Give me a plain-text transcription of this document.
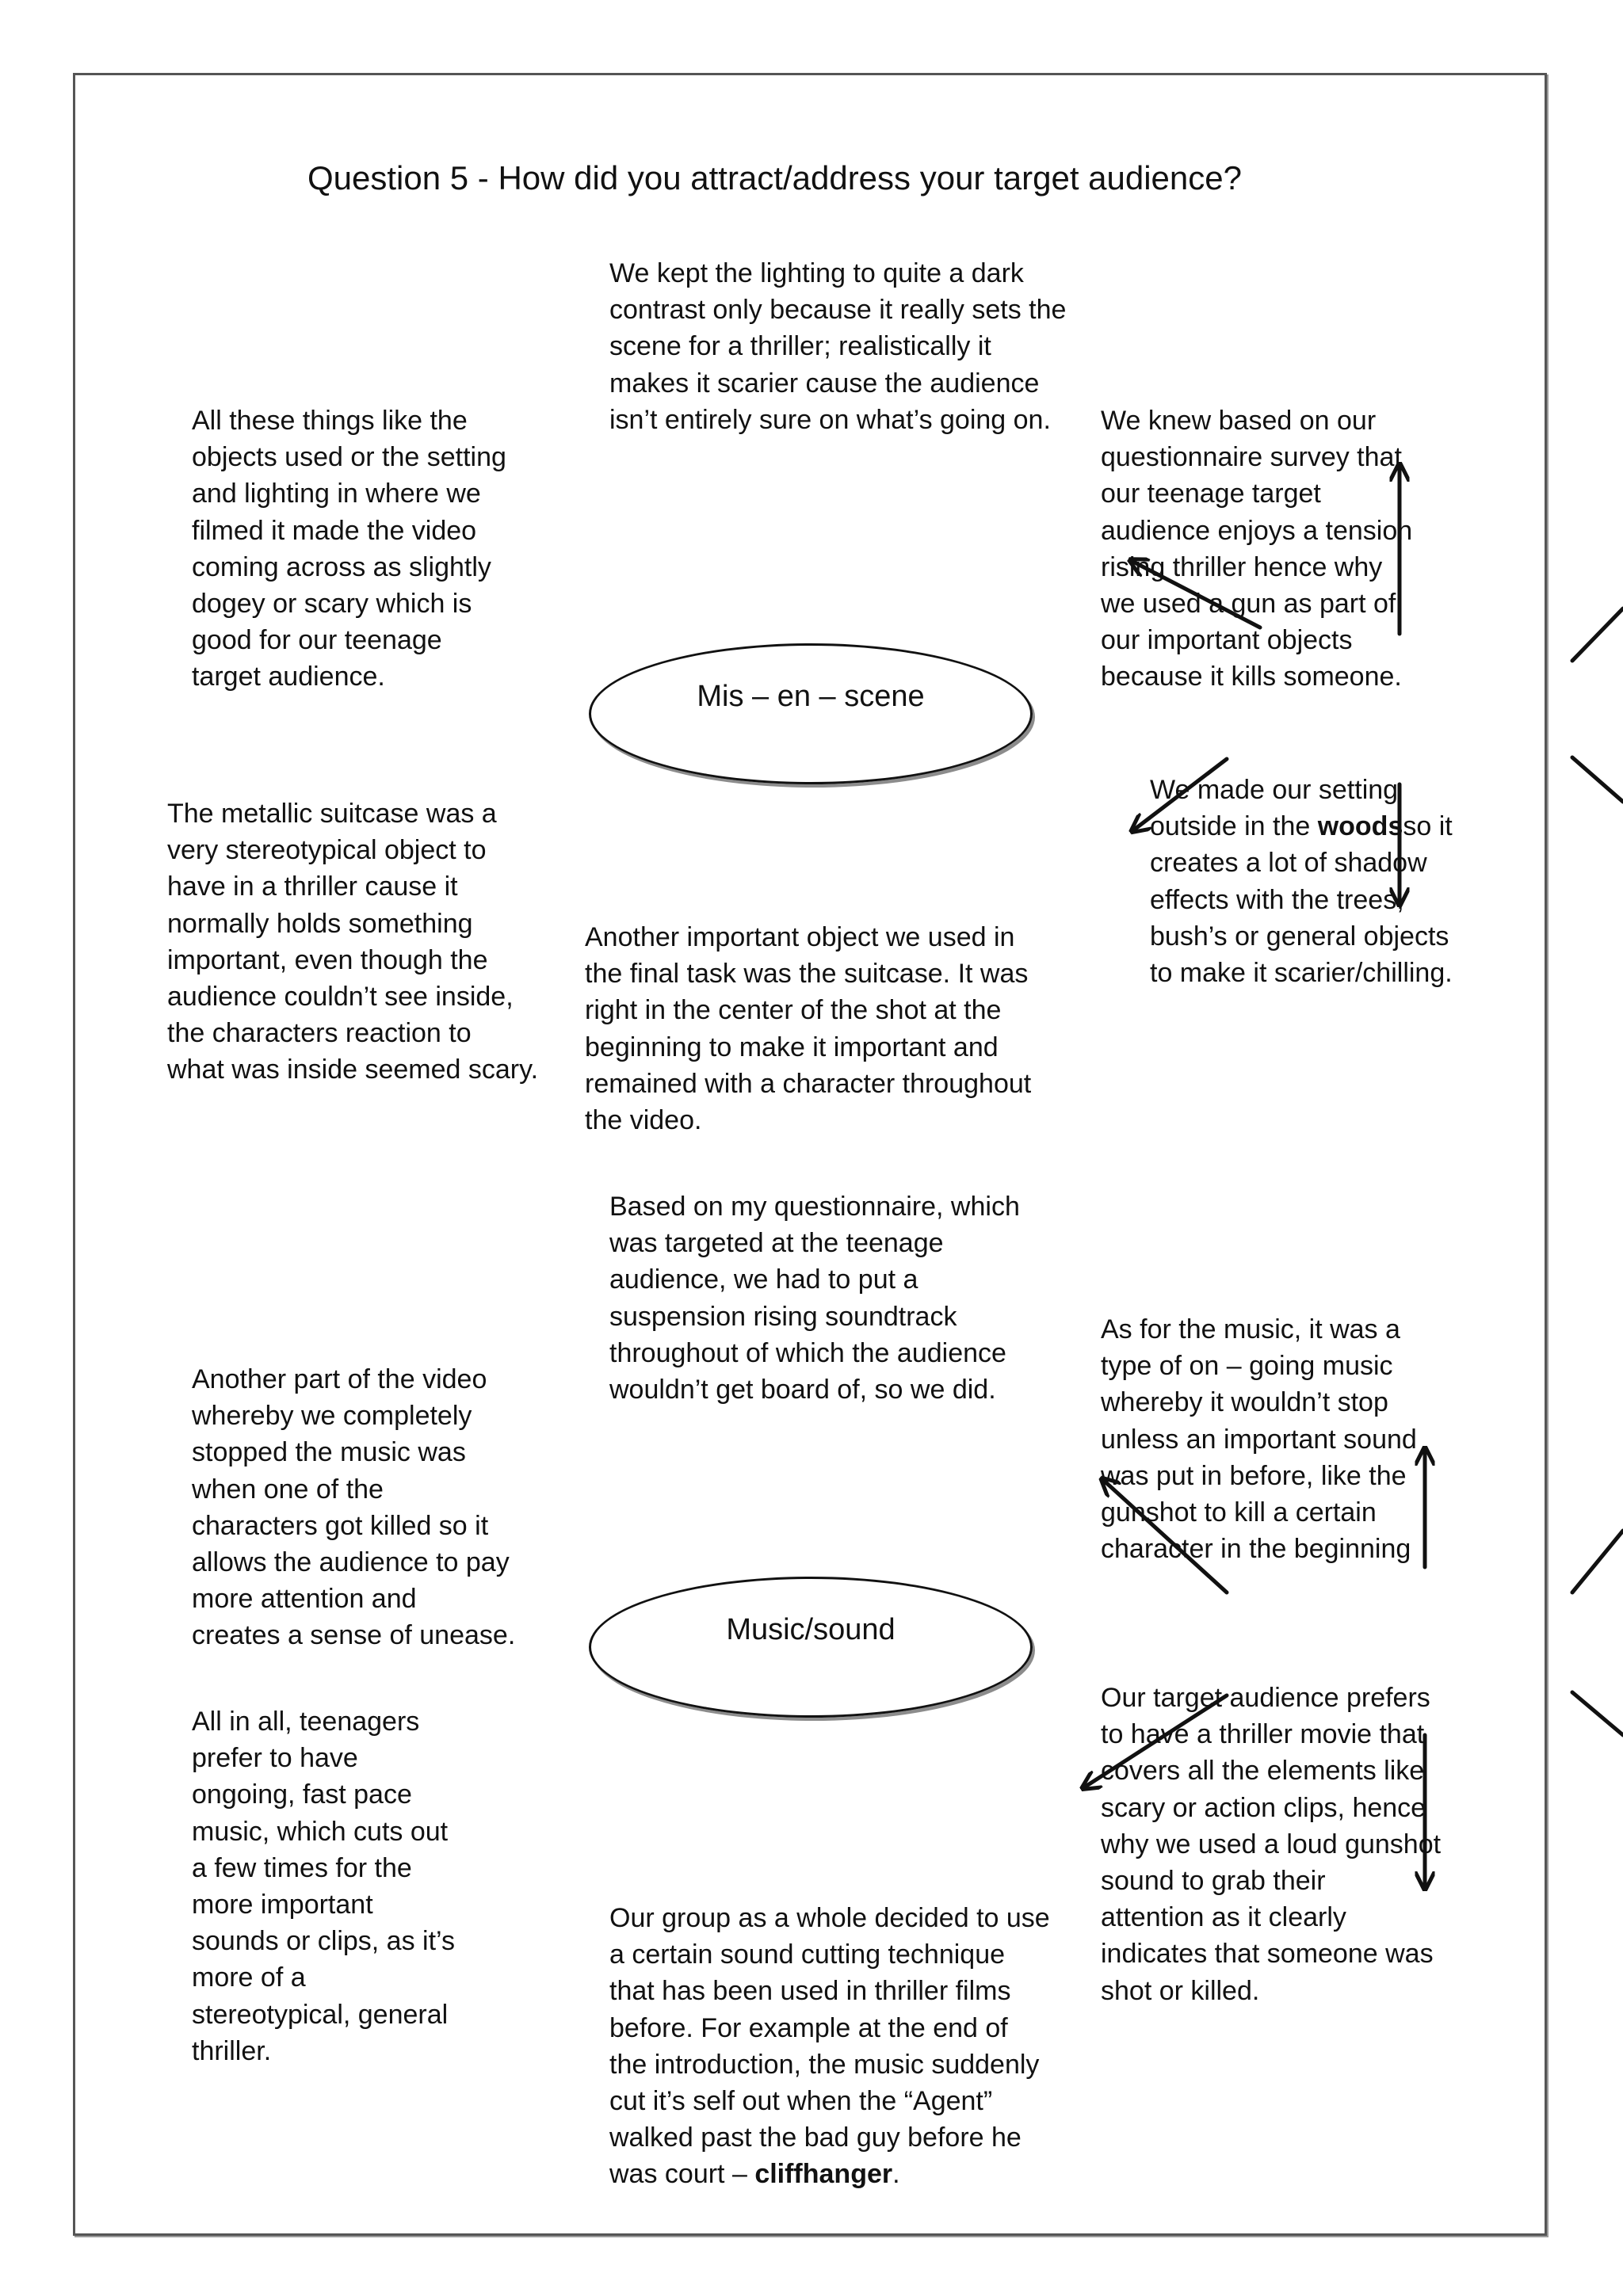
Question 5 - How did you attract/address your target audience?
We kept the lighting to quite a dark
contrast only because it really sets the
scene for a thriller; realistically it
makes it scarier cause the audience
isn’t entirely sure on what’s going on.
All these things like the
objects used or the setting
and lighting in where we
filmed it made the video
coming across as slightly
dogey or scary which is
good for our teenage
target audience.
We knew based on our
questionnaire survey that
our teenage target
audience enjoys a tension
rising thriller hence why
we used a gun as part of
our important objects
because it kills someone.
Mis – en – scene
The metallic suitcase was a
very stereotypical object to
have in a thriller cause it
normally holds something
important, even though the
audience couldn’t see inside,
the characters reaction to
what was inside seemed scary.
We made our setting
outside in the woodsso it
creates a lot of shadow
effects with the trees,
bush’s or general objects
to make it scarier/chilling.
Another important object we used in
the final task was the suitcase. It was
right in the center of the shot at the
beginning to make it important and
remained with a character throughout
the video.
Based on my questionnaire, which
was targeted at the teenage
audience, we had to put a
suspension rising soundtrack
throughout of which the audience
wouldn’t get board of, so we did.
As for the music, it was a
type of on – going music
whereby it wouldn’t stop
unless an important sound
was put in before, like the
gunshot to kill a certain
character in the beginning
Another part of the video
whereby we completely
stopped the music was
when one of the
characters got killed so it
allows the audience to pay
more attention and
creates a sense of unease.	Music/sound
All in all, teenagers
prefer to have
ongoing, fast pace
music, which cuts out
a few times for the
more important
sounds or clips, as it’s
more of a
stereotypical, general
thriller.
Our target audience prefers
to have a thriller movie that
covers all the elements like
scary or action clips, hence
why we used a loud gunshot
sound to grab their
attention as it clearly
indicates that someone was
shot or killed.
Our group as a whole decided to use
a certain sound cutting technique
that has been used in thriller films
before. For example at the end of
the introduction, the music suddenly
cut it’s self out when the “Agent”
walked past the bad guy before he
was court – cliffhanger.
